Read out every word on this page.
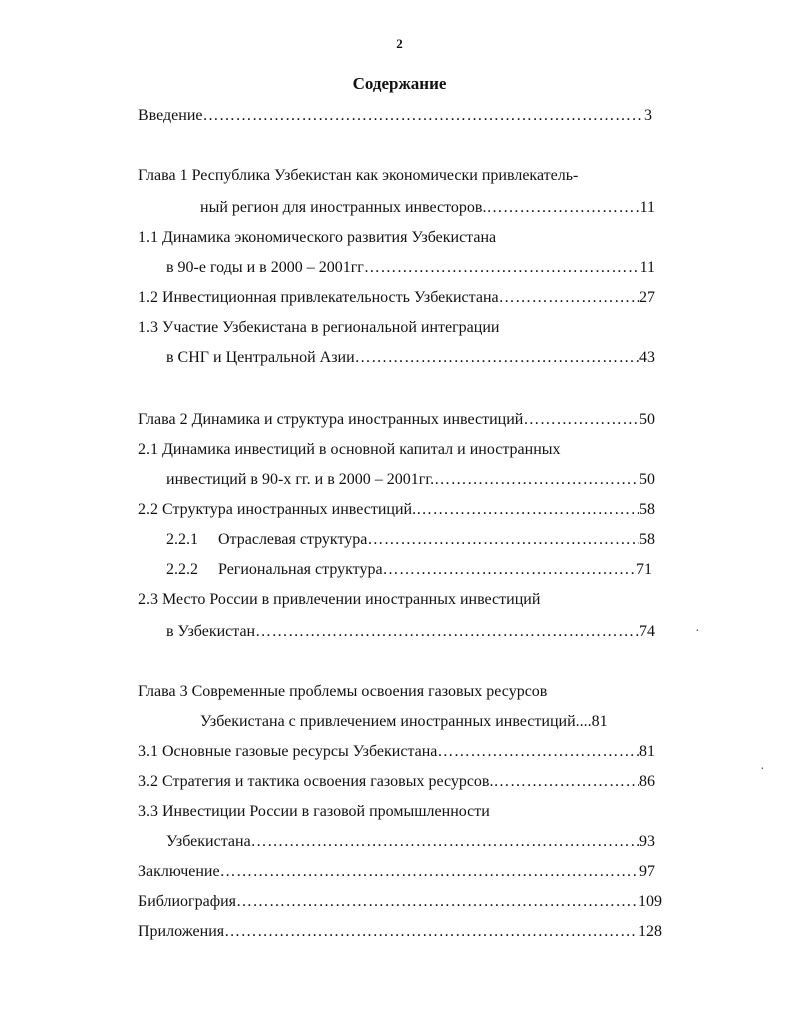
2
Содержание
Введение …………………………………………………………………………………………………………………………………………………………	3
Глава 1 Республика Узбекистан как экономически привлекатель-
ный регион для иностранных инвесторов. …………………………………………………………………………………………………………………………………………………………	11
1.1 Динамика экономического развития Узбекистана
в 90-е годы и в 2000 – 2001гг …………………………………………………………………………………………………………………………………………………………	11
1.2 Инвестиционная привлекательность Узбекистана …………………………………………………………………………………………………………………………………………………………	27
1.3 Участие Узбекистана в региональной интеграции
в СНГ и Центральной Азии …………………………………………………………………………………………………………………………………………………………	43
Глава 2 Динамика и структура иностранных инвестиций …………………………………………………………………………………………………………………………………………………………	50
2.1 Динамика инвестиций в основной капитал и иностранных
инвестиций в 90-х гг. и в 2000 – 2001гг. …………………………………………………………………………………………………………………………………………………………	50
2.2 Структура иностранных инвестиций. …………………………………………………………………………………………………………………………………………………………	58
2.2.1 Отраслевая структура …………………………………………………………………………………………………………………………………………………………	58
2.2.2 Региональная структура …………………………………………………………………………………………………………………………………………………………	71
2.3 Место России в привлечении иностранных инвестиций
в Узбекистан …………………………………………………………………………………………………………………………………………………………	74	·
Глава 3 Современные проблемы освоения газовых ресурсов
Узбекистана с привлечением иностранных инвестиций.... 81
3.1 Основные газовые ресурсы Узбекистана …………………………………………………………………………………………………………………………………………………………	81
3.2 Стратегия и тактика освоения газовых ресурсов. …………………………………………………………………………………………………………………………………………………………	86
·
3.3 Инвестиции России в газовой промышленности
Узбекистана …………………………………………………………………………………………………………………………………………………………	93
Заключение …………………………………………………………………………………………………………………………………………………………	97
Библиография …………………………………………………………………………………………………………………………………………………………	109
Приложения …………………………………………………………………………………………………………………………………………………………	128
